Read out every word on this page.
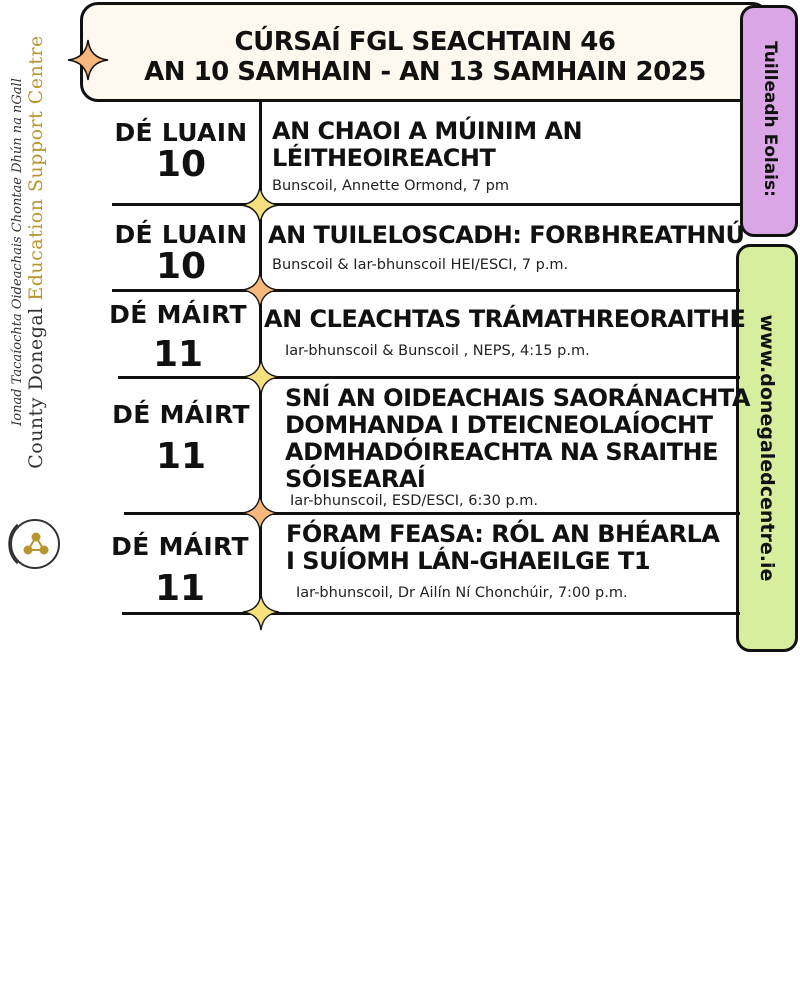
Ionad Tacaíochta Oideachais Chontae Dhún na nGall County Donegal Education Support Centre	CÚRSAÍ FGL SEACHTAIN 46
AN 10 SAMHAIN - AN 13 SAMHAIN 2025	Tuilleadh Eolais:
www.donegaledcentre.ie
DÉ LUAIN
10
AN CHAOI A MÚINIM AN
LÉITHEOIREACHT
Bunscoil, Annette Ormond, 7 pm
DÉ LUAIN
10
AN TUILELOSCADH: FORBHREATHNÚ
Bunscoil & Iar-bhunscoil HEI/ESCI, 7 p.m.
DÉ MÁIRT
11
AN CLEACHTAS TRÁMATHREORAITHE
Iar-bhunscoil & Bunscoil , NEPS, 4:15 p.m.
DÉ MÁIRT
11
SNÍ AN OIDEACHAIS SAORÁNACHTA
DOMHANDA I DTEICNEOLAÍOCHT
ADMHADÓIREACHTA NA SRAITHE
SÓISEARAÍ
Iar-bhunscoil, ESD/ESCI, 6:30 p.m.
DÉ MÁIRT
11
FÓRAM FEASA: RÓL AN BHÉARLA
I SUÍOMH LÁN-GHAEILGE T1
Iar-bhunscoil, Dr Ailín Ní Chonchúir, 7:00 p.m.
